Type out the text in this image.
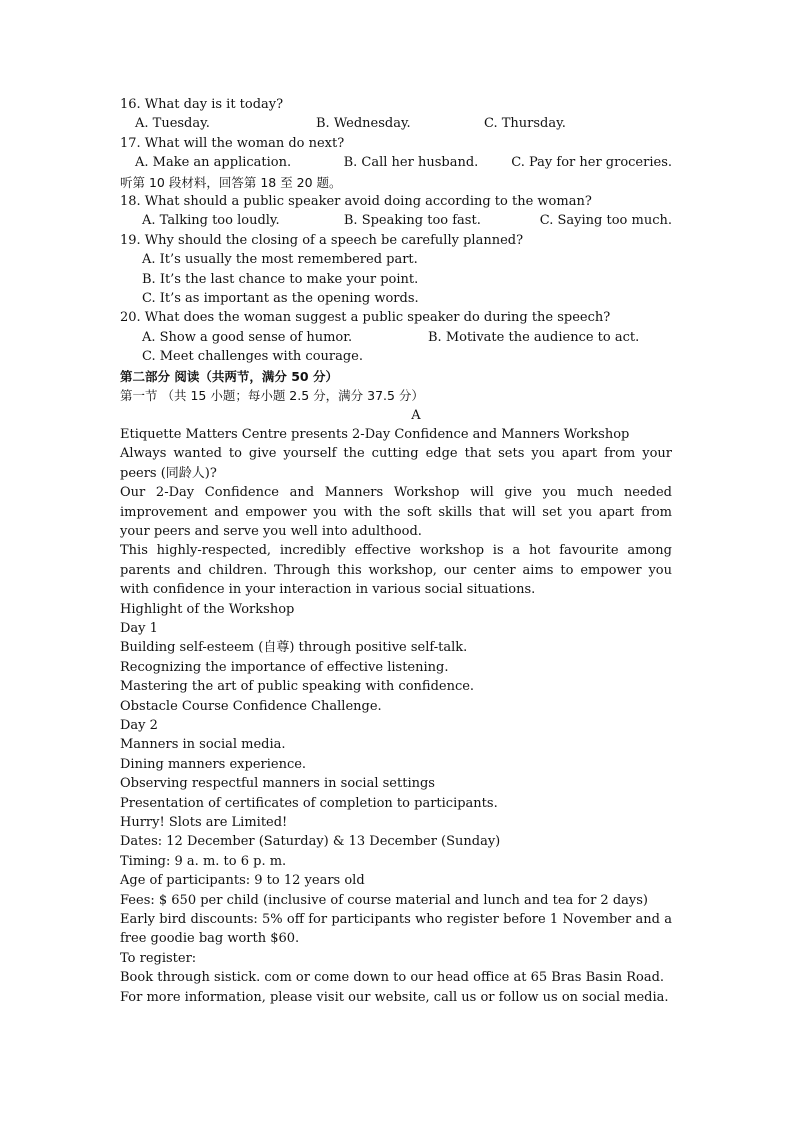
16. What day is it today?
A. Tuesday.	B. Wednesday.	C. Thursday.
17. What will the woman do next?
A. Make an application.	B. Call her husband.	C. Pay for her groceries.
听第 10 段材料，回答第 18 至 20 题。
18. What should a public speaker avoid doing according to the woman?
A. Talking too loudly.	B. Speaking too fast.	C. Saying too much.
19. Why should the closing of a speech be carefully planned?
A. It’s usually the most remembered part.
B. It’s the last chance to make your point.
C. It’s as important as the opening words.
20. What does the woman suggest a public speaker do during the speech?
A. Show a good sense of humor.	B. Motivate the audience to act.
C. Meet challenges with courage.
第二部分 阅读（共两节，满分 50 分）
第一节 （共 15 小题；每小题 2.5 分，满分 37.5 分）
A
Etiquette Matters Centre presents 2-Day Confidence and Manners Workshop
Always wanted to give yourself the cutting edge that sets you apart from your peers (同龄人)?
Our 2-Day Confidence and Manners Workshop will give you much needed improvement and empower you with the soft skills that will set you apart from your peers and serve you well into adulthood.
This highly-respected, incredibly effective workshop is a hot favourite among parents and children. Through this workshop, our center aims to empower you with confidence in your interaction in various social situations.
Highlight of the Workshop
Day 1
Building self-esteem (自尊) through positive self-talk.
Recognizing the importance of effective listening.
Mastering the art of public speaking with confidence.
Obstacle Course Confidence Challenge.
Day 2
Manners in social media.
Dining manners experience.
Observing respectful manners in social settings
Presentation of certificates of completion to participants.
Hurry! Slots are Limited!
Dates: 12 December (Saturday) & 13 December (Sunday)
Timing: 9 a. m. to 6 p. m.
Age of participants: 9 to 12 years old
Fees: $ 650 per child (inclusive of course material and lunch and tea for 2 days)
Early bird discounts: 5% off for participants who register before 1 November and a free goodie bag worth $60.
To register:
Book through sistick. com or come down to our head office at 65 Bras Basin Road.
For more information, please visit our website, call us or follow us on social media.
